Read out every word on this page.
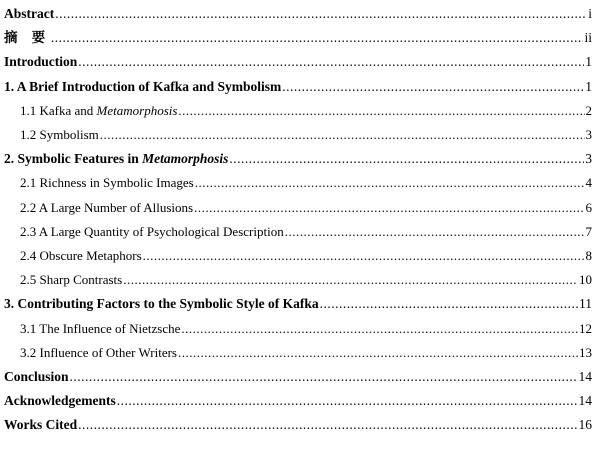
Abstract .....	i
摘 要 .....	ii
Introduction .....	1
1. A Brief Introduction of Kafka and Symbolism .....	1
1.1 Kafka and Metamorphosis .....	2
1.2 Symbolism .....	3
2. Symbolic Features in Metamorphosis .....	3
2.1 Richness in Symbolic Images .....	4
2.2 A Large Number of Allusions .....	6
2.3 A Large Quantity of Psychological Description .....	7
2.4 Obscure Metaphors .....	8
2.5 Sharp Contrasts .....	10
3. Contributing Factors to the Symbolic Style of Kafka .....	11
3.1 The Influence of Nietzsche .....	12
3.2 Influence of Other Writers .....	13
Conclusion .....	14
Acknowledgements .....	14
Works Cited .....	16
